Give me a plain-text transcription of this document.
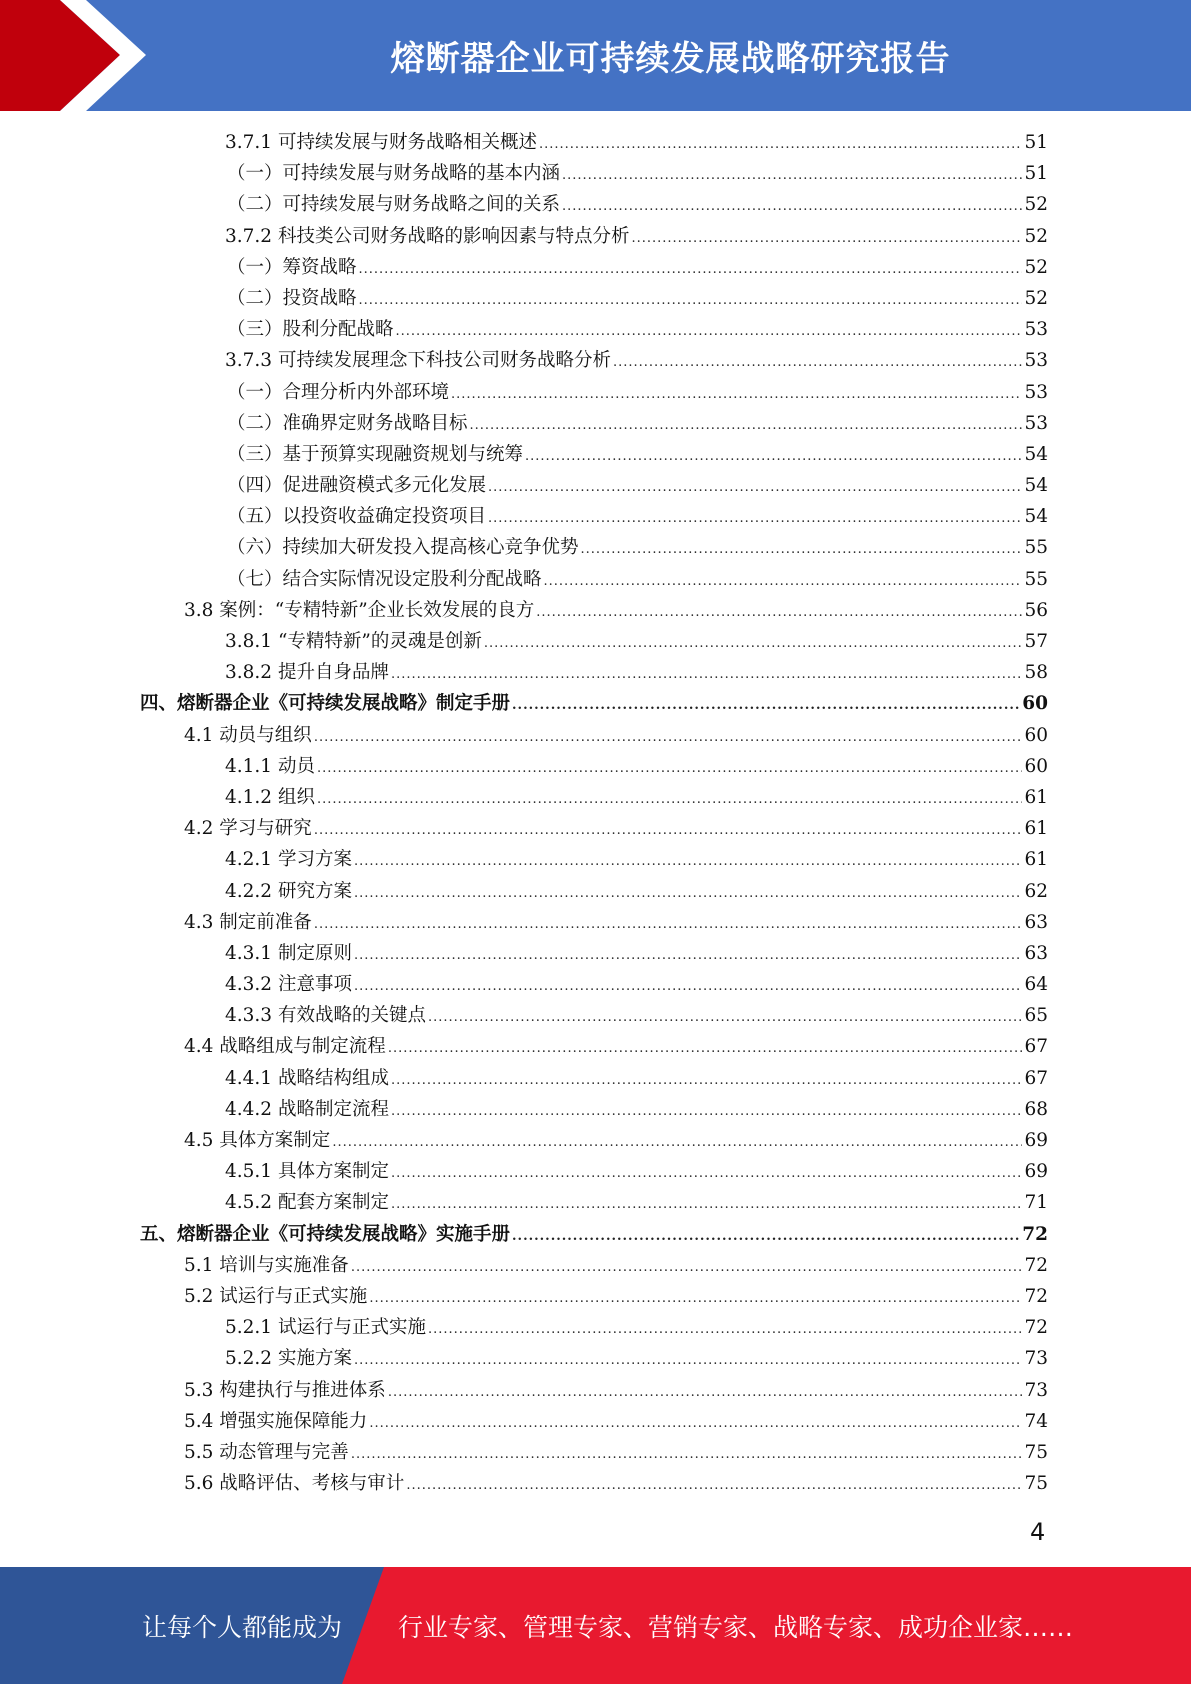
熔断器企业可持续发展战略研究报告
3.7.1 可持续发展与财务战略相关概述 .....	51
（一）可持续发展与财务战略的基本内涵 .....	51
（二）可持续发展与财务战略之间的关系 .....	52
3.7.2 科技类公司财务战略的影响因素与特点分析 .....	52
（一）筹资战略 .....	52
（二）投资战略 .....	52
（三）股利分配战略 .....	53
3.7.3 可持续发展理念下科技公司财务战略分析 .....	53
（一）合理分析内外部环境 .....	53
（二）准确界定财务战略目标 .....	53
（三）基于预算实现融资规划与统筹 .....	54
（四）促进融资模式多元化发展 .....	54
（五）以投资收益确定投资项目 .....	54
（六）持续加大研发投入提高核心竞争优势 .....	55
（七）结合实际情况设定股利分配战略 .....	55
3.8 案例：“专精特新”企业长效发展的良方 .....	56
3.8.1 “专精特新”的灵魂是创新 .....	57
3.8.2 提升自身品牌 .....	58
四、熔断器企业《可持续发展战略》制定手册 .....	60
4.1 动员与组织 .....	60
4.1.1 动员 .....	60
4.1.2 组织 .....	61
4.2 学习与研究 .....	61
4.2.1 学习方案 .....	61
4.2.2 研究方案 .....	62
4.3 制定前准备 .....	63
4.3.1 制定原则 .....	63
4.3.2 注意事项 .....	64
4.3.3 有效战略的关键点 .....	65
4.4 战略组成与制定流程 .....	67
4.4.1 战略结构组成 .....	67
4.4.2 战略制定流程 .....	68
4.5 具体方案制定 .....	69
4.5.1 具体方案制定 .....	69
4.5.2 配套方案制定 .....	71
五、熔断器企业《可持续发展战略》实施手册 .....	72
5.1 培训与实施准备 .....	72
5.2 试运行与正式实施 .....	72
5.2.1 试运行与正式实施 .....	72
5.2.2 实施方案 .....	73
5.3 构建执行与推进体系 .....	73
5.4 增强实施保障能力 .....	74
5.5 动态管理与完善 .....	75
5.6 战略评估、考核与审计 .....	75
4
让每个人都能成为 行业专家、管理专家、营销专家、战略专家、成功企业家……
